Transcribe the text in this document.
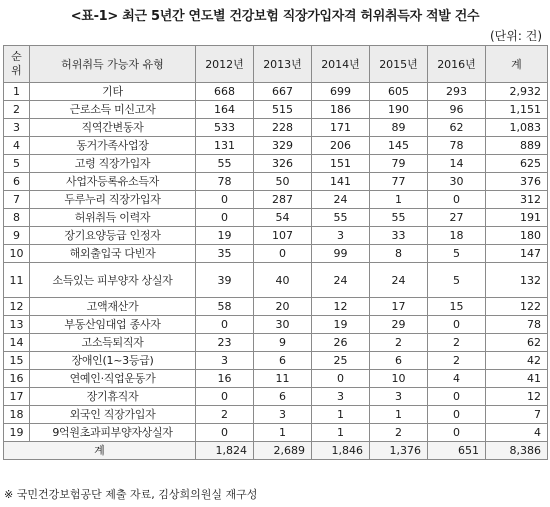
<표-1> 최근 5년간 연도별 건강보험 직장가입자격 허위취득자 적발 건수
(단위: 건)
순위	허위취득 가능자 유형	2012년	2013년	2014년	2015년	2016년	계
1	기타	668	667	699	605	293	2,932
2	근로소득 미신고자	164	515	186	190	96	1,151
3	직역간변동자	533	228	171	89	62	1,083
4	동거가족사업장	131	329	206	145	78	889
5	고령 직장가입자	55	326	151	79	14	625
6	사업자등록유소득자	78	50	141	77	30	376
7	두루누리 직장가입자	0	287	24	1	0	312
8	허위취득 이력자	0	54	55	55	27	191
9	장기요양등급 인정자	19	107	3	33	18	180
10	해외출입국 다빈자	35	0	99	8	5	147
11	소득있는 피부양자 상실자	39	40	24	24	5	132
12	고액재산가	58	20	12	17	15	122
13	부동산임대업 종사자	0	30	19	29	0	78
14	고소득퇴직자	23	9	26	2	2	62
15	장애인(1~3등급)	3	6	25	6	2	42
16	연예인·직업운동가	16	11	0	10	4	41
17	장기휴직자	0	6	3	3	0	12
18	외국인 직장가입자	2	3	1	1	0	7
19	9억원초과피부양자상실자	0	1	1	2	0	4
계		1,824	2,689	1,846	1,376	651	8,386
※ 국민건강보험공단 제출 자료, 김상희의원실 재구성
